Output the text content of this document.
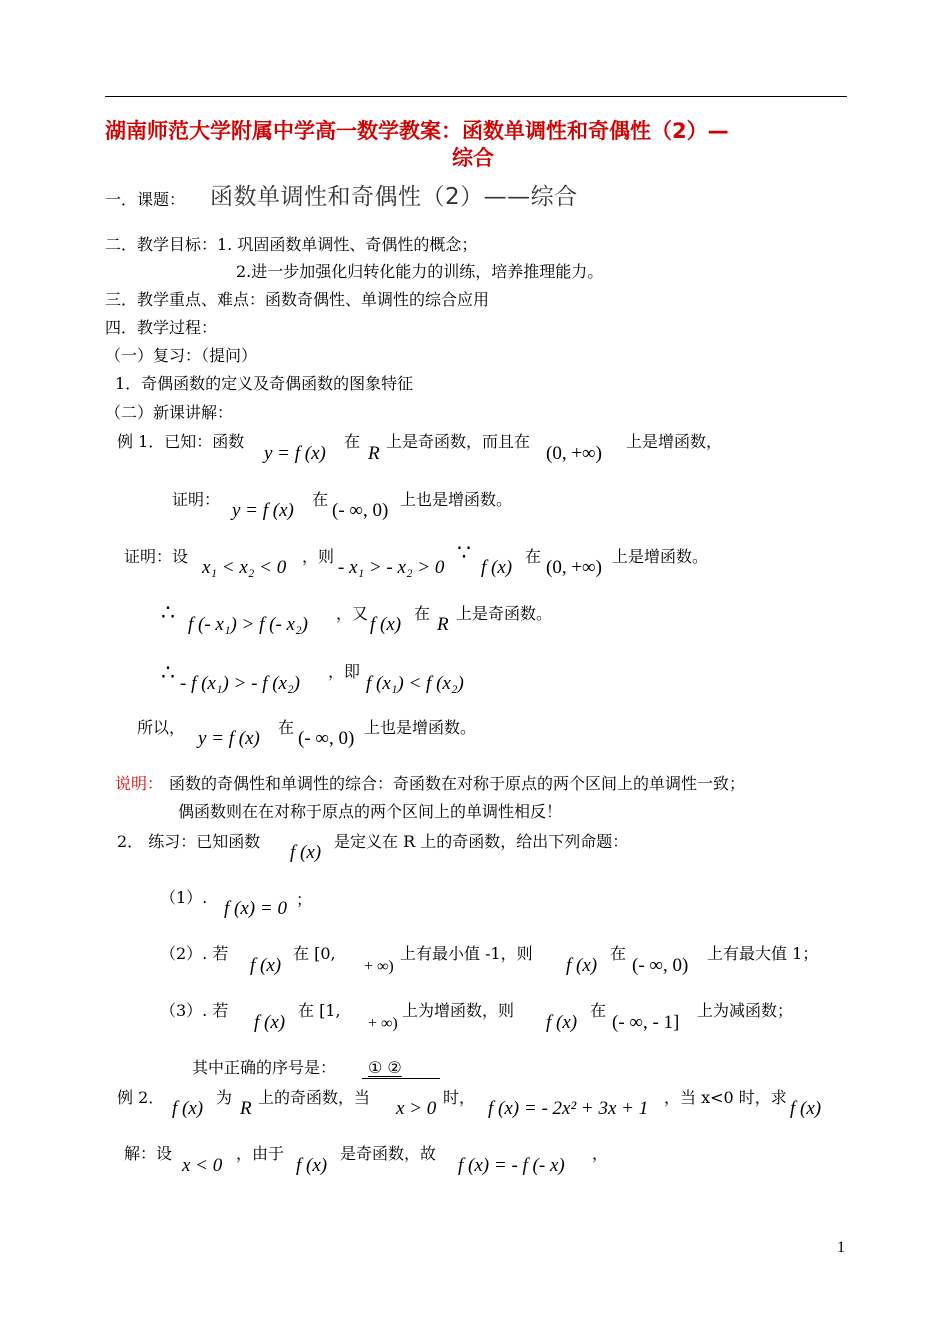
湖南师范大学附属中学高一数学教案：函数单调性和奇偶性（2）—
综合
一．课题： 函数单调性和奇偶性（2）——综合
二．教学目标：1. 巩固函数单调性、奇偶性的概念；
2.进一步加强化归转化能力的训练，培养推理能力。
三．教学重点、难点：函数奇偶性、单调性的综合应用
四．教学过程：
（一）复习：（提问）
1．奇偶函数的定义及奇偶函数的图象特征
（二）新课讲解：
例 1．已知：函数
y = f (x)
在
R
上是奇函数，而且在
(0, +∞)
上是增函数，
证明：
y = f (x)
在
(- ∞, 0)
上也是增函数。
证明：设
x₁ < x₂ < 0
，则
- x₁ > - x₂ > 0
∵
f (x)
在
(0, +∞)
上是增函数。
∴ f (- x₁) > f (- x₂)
，又
f (x)
在
R
上是奇函数。
∴ - f (x₁) > - f (x₂)
，即
f (x₁) < f (x₂)
所以，
y = f (x)
在
(- ∞, 0)
上也是增函数。
说明： 函数的奇偶性和单调性的综合：奇函数在对称于原点的两个区间上的单调性一致；
偶函数则在在对称于原点的两个区间上的单调性相反！
2． 练习：已知函数
f (x)
是定义在 R 上的奇函数，给出下列命题：
（1）.
f (x) = 0 ；
（2）. 若
f (x)
在 [0,
+ ∞)
上有最小值 -1，则
f (x)
在
(- ∞, 0)
上有最大值 1；
（3）. 若
f (x)
在 [1,
+ ∞)
上为增函数，则
f (x)
在
(- ∞, - 1]
上为减函数；
其中正确的序号是： ① ②
例 2．
f (x)
为
R
上的奇函数，当
x > 0
时，
f (x) = - 2x² + 3x + 1
，当 x<0 时，求
f (x)
解：设
x < 0
，由于
f (x)
是奇函数，故
f (x) = - f (- x)
，
1
